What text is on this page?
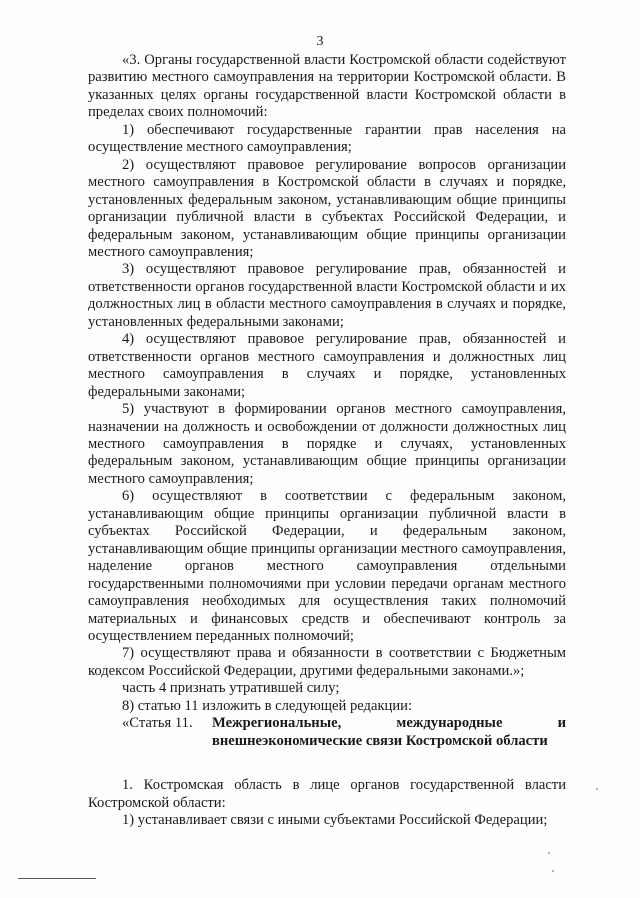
3

«3. Органы государственной власти Костромской области содействуют развитию местного самоуправления на территории Костромской области. В указанных целях органы государственной власти Костромской области в пределах своих полномочий:

1) обеспечивают государственные гарантии прав населения на осуществление местного самоуправления;

2) осуществляют правовое регулирование вопросов организации местного самоуправления в Костромской области в случаях и порядке, установленных федеральным законом, устанавливающим общие принципы организации публичной власти в субъектах Российской Федерации, и федеральным законом, устанавливающим общие принципы организации местного самоуправления;

3) осуществляют правовое регулирование прав, обязанностей и ответственности органов государственной власти Костромской области и их должностных лиц в области местного самоуправления в случаях и порядке, установленных федеральными законами;

4) осуществляют правовое регулирование прав, обязанностей и ответственности органов местного самоуправления и должностных лиц местного самоуправления в случаях и порядке, установленных федеральными законами;

5) участвуют в формировании органов местного самоуправления, назначении на должность и освобождении от должности должностных лиц местного самоуправления в порядке и случаях, установленных федеральным законом, устанавливающим общие принципы организации местного самоуправления;

6) осуществляют в соответствии с федеральным законом, устанавливающим общие принципы организации публичной власти в субъектах Российской Федерации, и федеральным законом, устанавливающим общие принципы организации местного самоуправления, наделение органов местного самоуправления отдельными государственными полномочиями при условии передачи органам местного самоуправления необходимых для осуществления таких полномочий материальных и финансовых средств и обеспечивают контроль за осуществлением переданных полномочий;

7) осуществляют права и обязанности в соответствии с Бюджетным кодексом Российской Федерации, другими федеральными законами.»;

часть 4 признать утратившей силу;

8) статью 11 изложить в следующей редакции:

«Статья 11.	Межрегиональные, международные и внешнеэкономические связи Костромской области

1. Костромская область в лице органов государственной власти Костромской области:

1) устанавливает связи с иными субъектами Российской Федерации;
